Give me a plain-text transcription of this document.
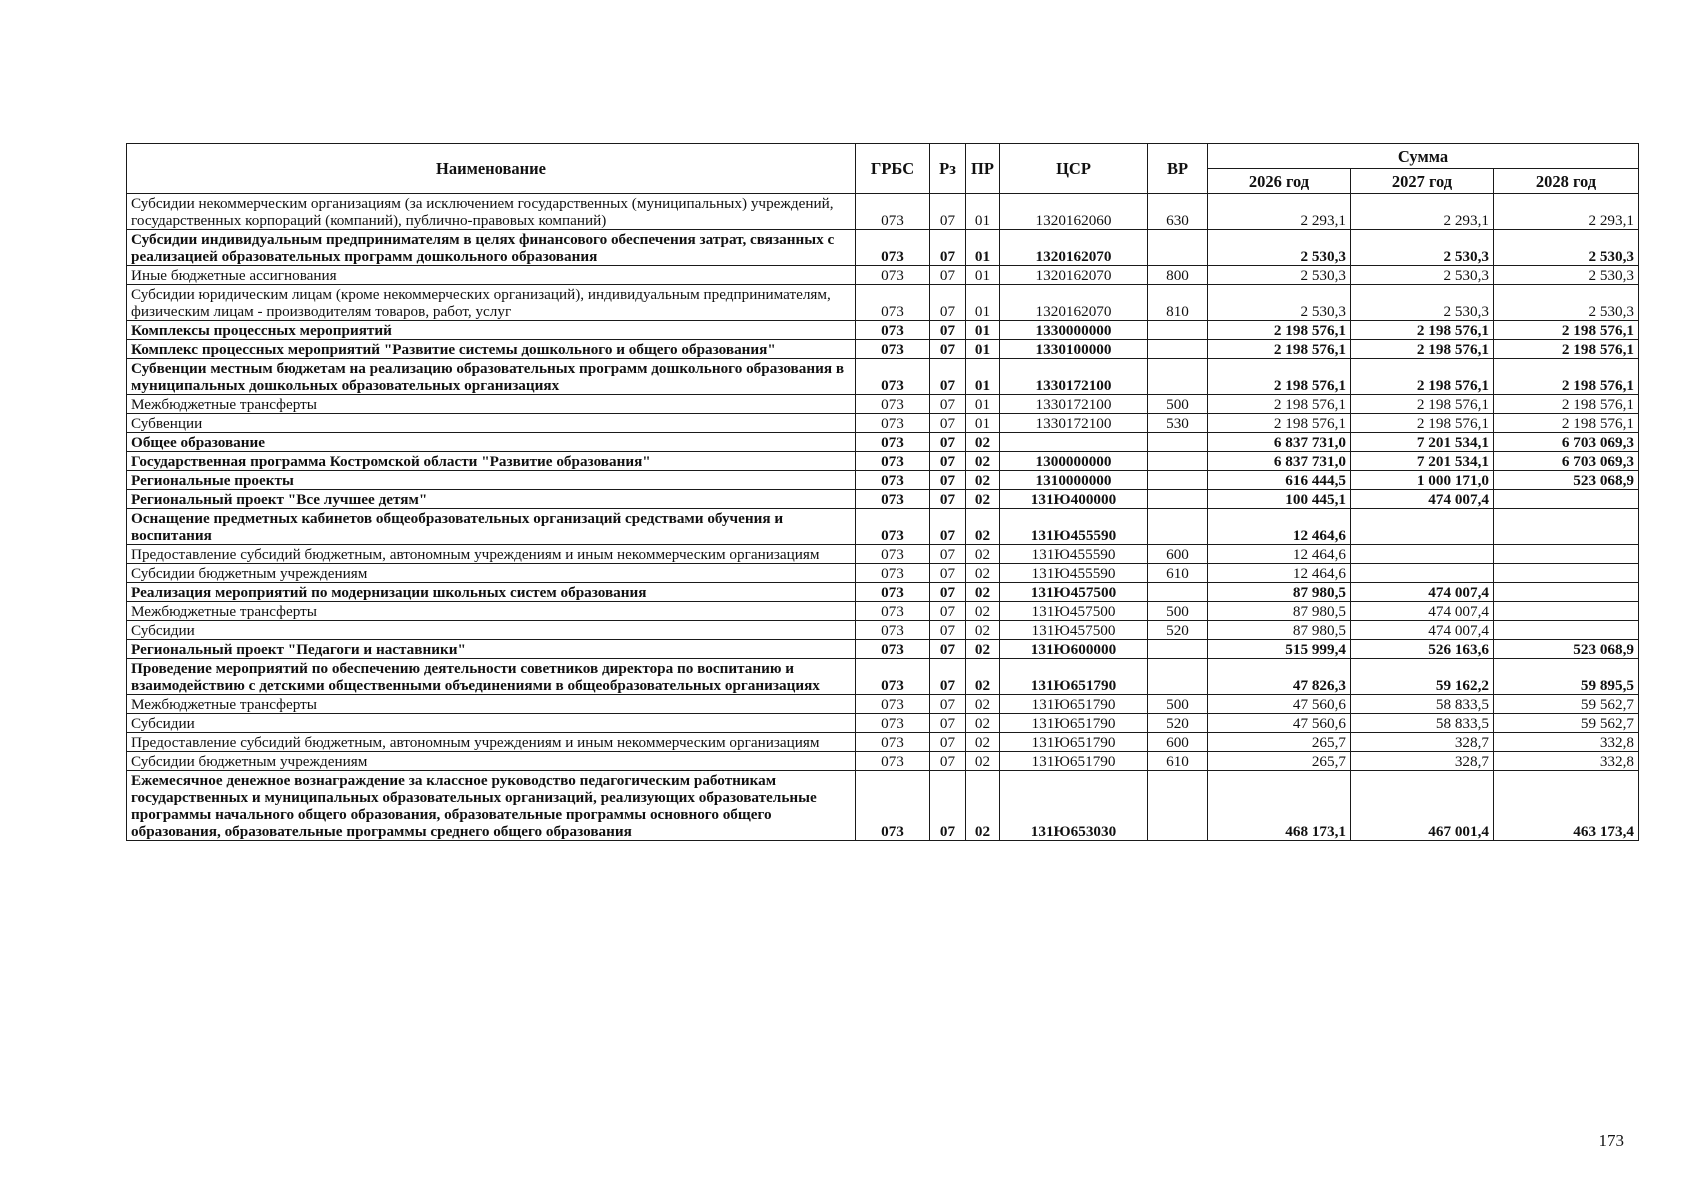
Наименование	ГРБС	Рз	ПР	ЦСР	ВР	Сумма		
						2026 год	2027 год	2028 год
Субсидии некоммерческим организациям (за исключением государственных (муниципальных) учреждений, государственных корпораций (компаний), публично-правовых компаний)	073	07	01	1320162060	630	2 293,1	2 293,1	2 293,1
Субсидии индивидуальным предпринимателям в целях финансового обеспечения затрат, связанных с реализацией образовательных программ дошкольного образования	073	07	01	1320162070		2 530,3	2 530,3	2 530,3
Иные бюджетные ассигнования	073	07	01	1320162070	800	2 530,3	2 530,3	2 530,3
Субсидии юридическим лицам (кроме некоммерческих организаций), индивидуальным предпринимателям, физическим лицам - производителям товаров, работ, услуг	073	07	01	1320162070	810	2 530,3	2 530,3	2 530,3
Комплексы процессных мероприятий	073	07	01	1330000000		2 198 576,1	2 198 576,1	2 198 576,1
Комплекс процессных мероприятий "Развитие системы дошкольного и общего образования"	073	07	01	1330100000		2 198 576,1	2 198 576,1	2 198 576,1
Субвенции местным бюджетам на реализацию образовательных программ дошкольного образования в муниципальных дошкольных образовательных организациях	073	07	01	1330172100		2 198 576,1	2 198 576,1	2 198 576,1
Межбюджетные трансферты	073	07	01	1330172100	500	2 198 576,1	2 198 576,1	2 198 576,1
Субвенции	073	07	01	1330172100	530	2 198 576,1	2 198 576,1	2 198 576,1
Общее образование	073	07	02			6 837 731,0	7 201 534,1	6 703 069,3
Государственная программа Костромской области "Развитие образования"	073	07	02	1300000000		6 837 731,0	7 201 534,1	6 703 069,3
Региональные проекты	073	07	02	1310000000		616 444,5	1 000 171,0	523 068,9
Региональный проект "Все лучшее детям"	073	07	02	131Ю400000		100 445,1	474 007,4	
Оснащение предметных кабинетов общеобразовательных организаций средствами обучения и воспитания	073	07	02	131Ю455590		12 464,6		
Предоставление субсидий бюджетным, автономным учреждениям и иным некоммерческим организациям	073	07	02	131Ю455590	600	12 464,6		
Субсидии бюджетным учреждениям	073	07	02	131Ю455590	610	12 464,6		
Реализация мероприятий по модернизации школьных систем образования	073	07	02	131Ю457500		87 980,5	474 007,4	
Межбюджетные трансферты	073	07	02	131Ю457500	500	87 980,5	474 007,4	
Субсидии	073	07	02	131Ю457500	520	87 980,5	474 007,4	
Региональный проект "Педагоги и наставники"	073	07	02	131Ю600000		515 999,4	526 163,6	523 068,9
Проведение мероприятий по обеспечению деятельности советников директора по воспитанию и взаимодействию с детскими общественными объединениями в общеобразовательных организациях	073	07	02	131Ю651790		47 826,3	59 162,2	59 895,5
Межбюджетные трансферты	073	07	02	131Ю651790	500	47 560,6	58 833,5	59 562,7
Субсидии	073	07	02	131Ю651790	520	47 560,6	58 833,5	59 562,7
Предоставление субсидий бюджетным, автономным учреждениям и иным некоммерческим организациям	073	07	02	131Ю651790	600	265,7	328,7	332,8
Субсидии бюджетным учреждениям	073	07	02	131Ю651790	610	265,7	328,7	332,8
Ежемесячное денежное вознаграждение за классное руководство педагогическим работникам государственных и муниципальных образовательных организаций, реализующих образовательные программы начального общего образования, образовательные программы основного общего образования, образовательные программы среднего общего образования	073	07	02	131Ю653030		468 173,1	467 001,4	463 173,4
173
